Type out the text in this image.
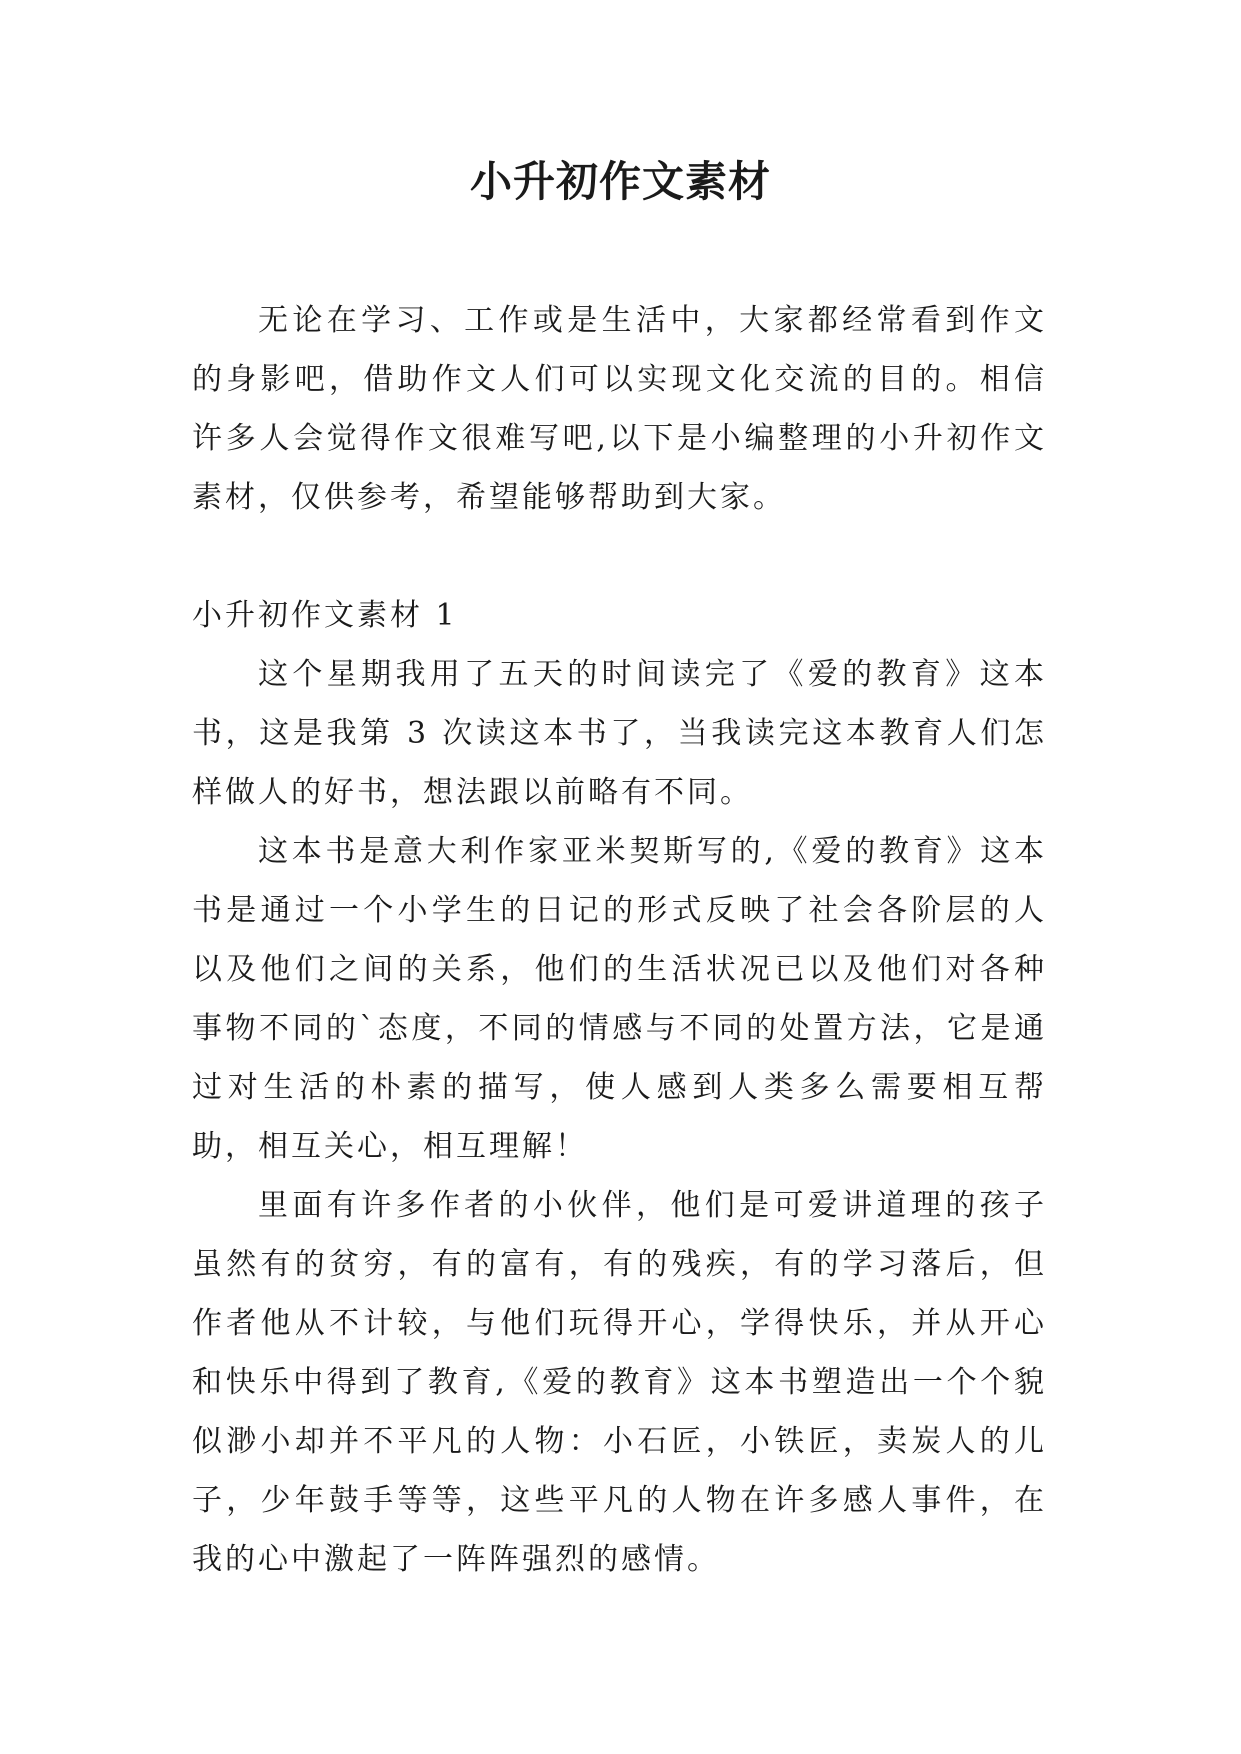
小升初作文素材

无论在学习、工作或是生活中，大家都经常看到作文的身影吧，借助作文人们可以实现文化交流的目的。相信许多人会觉得作文很难写吧,以下是小编整理的小升初作文素材，仅供参考，希望能够帮助到大家。

小升初作文素材 1

这个星期我用了五天的时间读完了《爱的教育》这本书，这是我第 3 次读这本书了，当我读完这本教育人们怎样做人的好书，想法跟以前略有不同。

这本书是意大利作家亚米契斯写的,《爱的教育》这本书是通过一个小学生的日记的形式反映了社会各阶层的人以及他们之间的关系，他们的生活状况已以及他们对各种事物不同的`态度，不同的情感与不同的处置方法，它是通过对生活的朴素的描写，使人感到人类多么需要相互帮助，相互关心，相互理解！

里面有许多作者的小伙伴，他们是可爱讲道理的孩子虽然有的贫穷，有的富有，有的残疾，有的学习落后，但作者他从不计较，与他们玩得开心，学得快乐，并从开心和快乐中得到了教育,《爱的教育》这本书塑造出一个个貌似渺小却并不平凡的人物：小石匠，小铁匠，卖炭人的儿子，少年鼓手等等，这些平凡的人物在许多感人事件，在我的心中激起了一阵阵强烈的感情。
